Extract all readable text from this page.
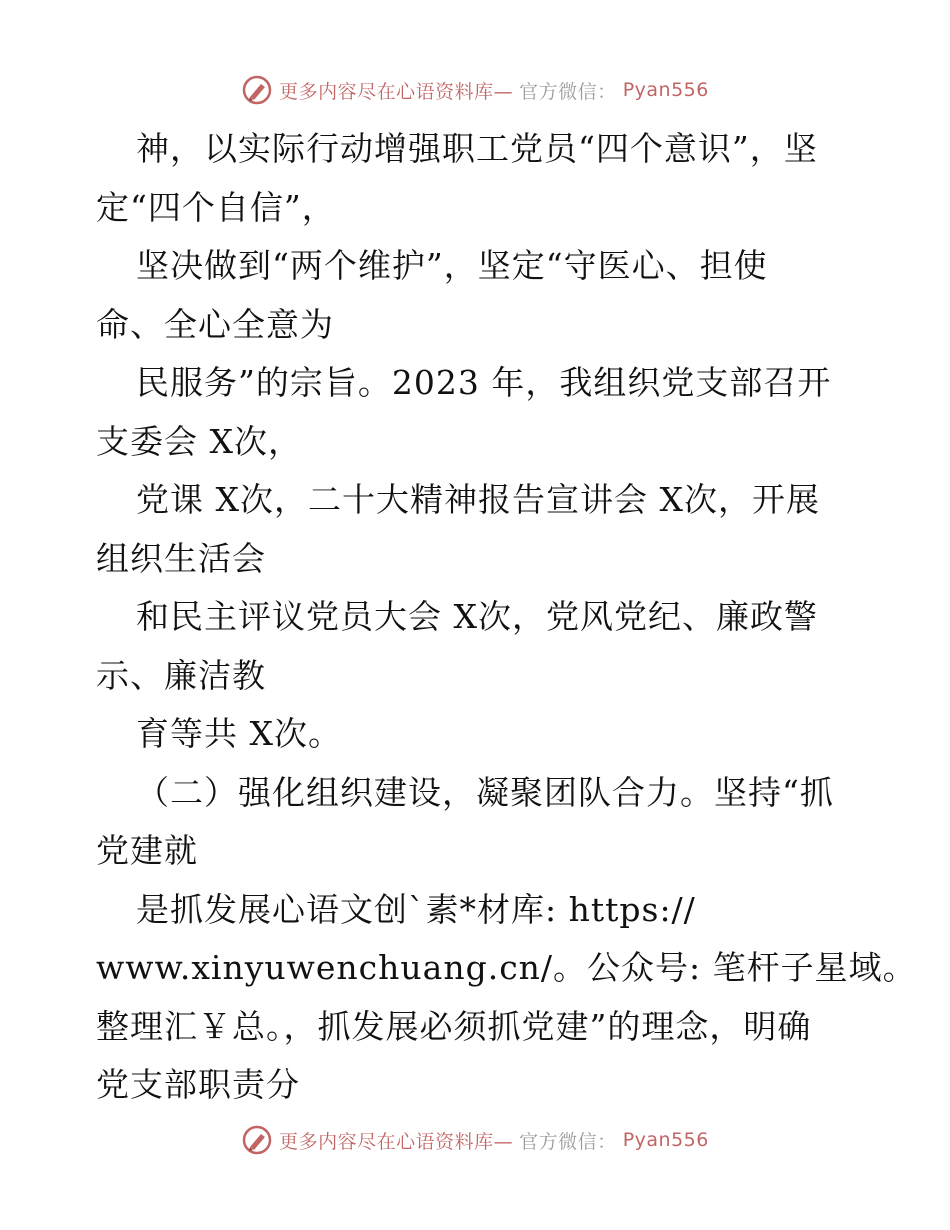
更多内容尽在心语资料库— 官方微信： Pyan556
神，以实际行动增强职工党员“四个意识”，坚
定“四个自信”，
坚决做到“两个维护”，坚定“守医心、担使
命、全心全意为
民服务”的宗旨。2023 年，我组织党支部召开
支委会 X次，
党课 X次，二十大精神报告宣讲会 X次，开展
组织生活会
和民主评议党员大会 X次，党风党纪、廉政警
示、廉洁教
育等共 X次。
（二）强化组织建设，凝聚团队合力。坚持“抓
党建就
是抓发展心语文创`素*材库: https://
www.xinyuwenchuang.cn/。公众号: 笔杆子星域。
整理汇￥总。，抓发展必须抓党建”的理念，明确
党支部职责分
更多内容尽在心语资料库— 官方微信： Pyan556
